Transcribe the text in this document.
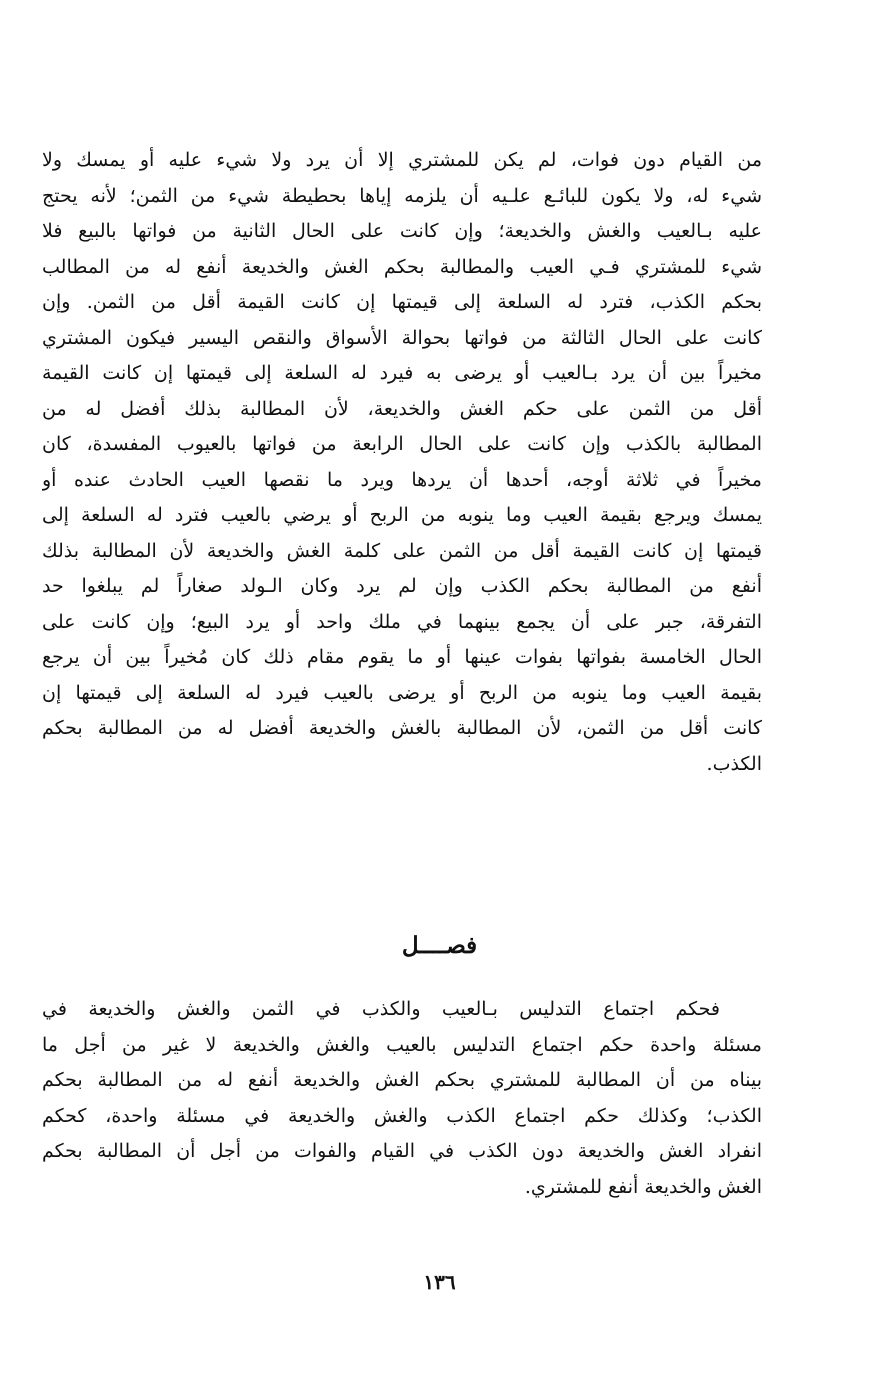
من القيام دون فوات، لم يكن للمشتري إلا أن يرد ولا شيء عليه أو يمسك ولا
شيء له، ولا يكون للبائـع علـيه أن يلزمه إياها بحطيطة شيء من الثمن؛ لأنه يحتج
عليه بـالعيب والغش والخديعة؛ وإن كانت على الحال الثانية من فواتها بالبيع فلا
شيء للمشتري فـي العيب والمطالبة بحكم الغش والخديعة أنفع له من المطالب
بحكم الكذب، فترد له السلعة إلى قيمتها إن كانت القيمة أقل من الثمن. وإن
كانت على الحال الثالثة من فواتها بحوالة الأسواق والنقص اليسير فيكون المشتري
مخيراً بين أن يرد بـالعيب أو يرضى به فيرد له السلعة إلى قيمتها إن كانت القيمة
أقل من الثمن على حكم الغش والخديعة، لأن المطالبة بذلك أفضل له من
المطالبة بالكذب وإن كانت على الحال الرابعة من فواتها بالعيوب المفسدة، كان
مخيراً في ثلاثة أوجه، أحدها أن يردها ويرد ما نقصها العيب الحادث عنده أو
يمسك ويرجع بقيمة العيب وما ينوبه من الربح أو يرضي بالعيب فترد له السلعة إلى
قيمتها إن كانت القيمة أقل من الثمن على كلمة الغش والخديعة لأن المطالبة بذلك
أنفع من المطالبة بحكم الكذب وإن لم يرد وكان الـولد صغاراً لم يبلغوا حد
التفرقة، جبر على أن يجمع بينهما في ملك واحد أو يرد البيع؛ وإن كانت على
الحال الخامسة بفواتها بفوات عينها أو ما يقوم مقام ذلك كان مُخيراً بين أن يرجع
بقيمة العيب وما ينوبه من الربح أو يرضى بالعيب فيرد له السلعة إلى قيمتها إن
كانت أقل من الثمن، لأن المطالبة بالغش والخديعة أفضل له من المطالبة بحكم
الكذب.
فصــــل
فحكم اجتماع التدليس بـالعيب والكذب في الثمن والغش والخديعة في
مسئلة واحدة حكم اجتماع التدليس بالعيب والغش والخديعة لا غير من أجل ما
بيناه من أن المطالبة للمشتري بحكم الغش والخديعة أنفع له من المطالبة بحكم
الكذب؛ وكذلك حكم اجتماع الكذب والغش والخديعة في مسئلة واحدة، كحكم
انفراد الغش والخديعة دون الكذب في القيام والفوات من أجل أن المطالبة بحكم
الغش والخديعة أنفع للمشتري.
١٣٦
